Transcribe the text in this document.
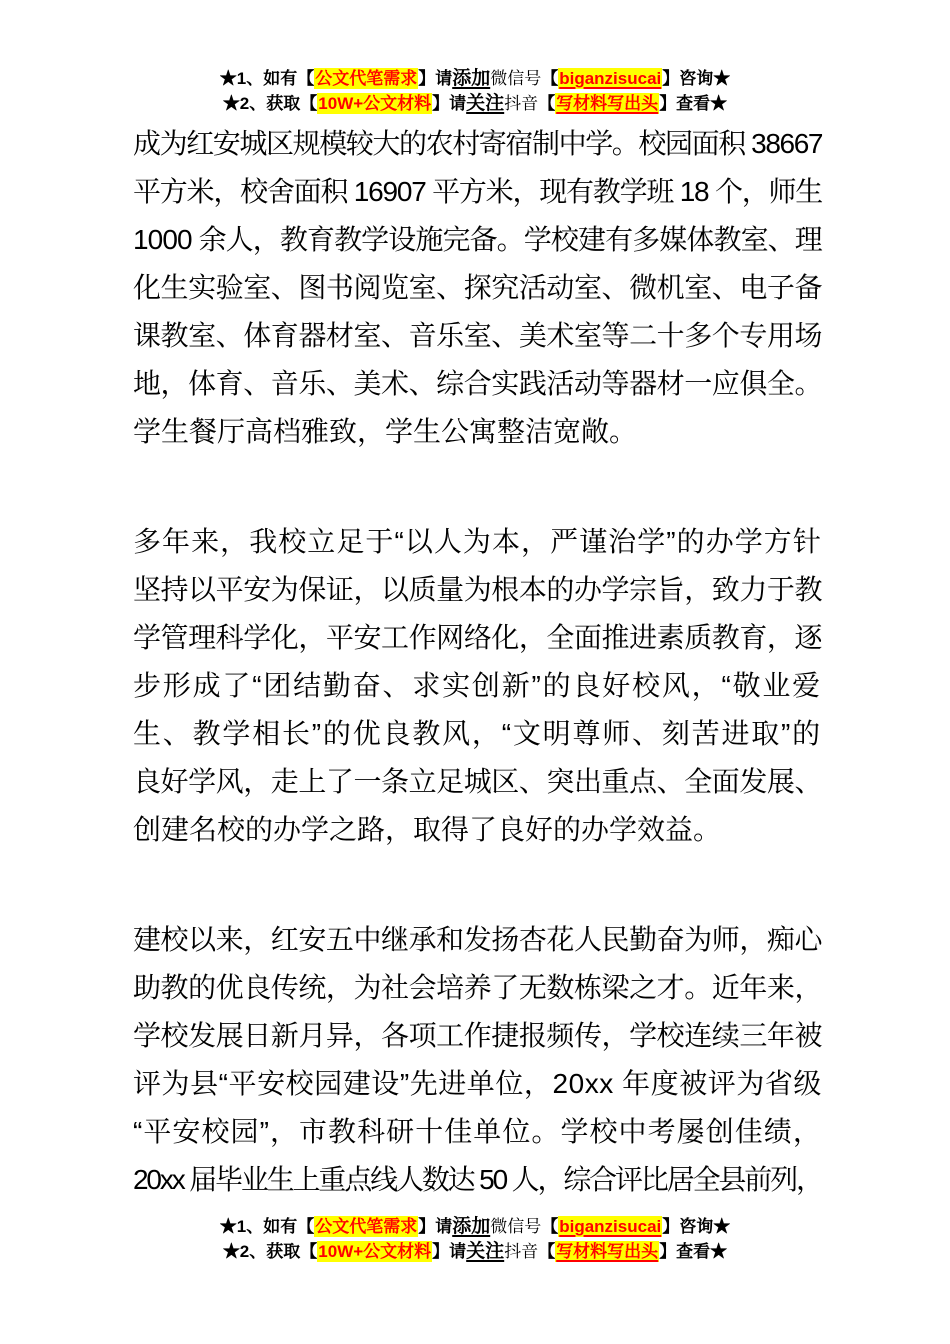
★1、如有【公文代笔需求】请添加微信号【biganzisucai】咨询★
★2、获取【10W+公文材料】请关注抖音【写材料写出头】查看★
成为红安城区规模较大的农村寄宿制中学。校园面积 38667
平方米，校舍面积 16907 平方米，现有教学班 18 个，师生
1000 余人，教育教学设施完备。学校建有多媒体教室、理
化生实验室、图书阅览室、探究活动室、微机室、电子备
课教室、体育器材室、音乐室、美术室等二十多个专用场
地，体育、音乐、美术、综合实践活动等器材一应俱全。
学生餐厅高档雅致，学生公寓整洁宽敞。
多年来，我校立足于“以人为本，严谨治学”的办学方针
坚持以平安为保证，以质量为根本的办学宗旨，致力于教
学管理科学化，平安工作网络化，全面推进素质教育，逐
步形成了“团结勤奋、求实创新”的良好校风，“敬业爱
生、教学相长”的优良教风，“文明尊师、刻苦进取”的
良好学风，走上了一条立足城区、突出重点、全面发展、
创建名校的办学之路，取得了良好的办学效益。
建校以来，红安五中继承和发扬杏花人民勤奋为师，痴心
助教的优良传统，为社会培养了无数栋梁之才。近年来，
学校发展日新月异，各项工作捷报频传，学校连续三年被
评为县“平安校园建设”先进单位，20xx 年度被评为省级
“平安校园”，市教科研十佳单位。学校中考屡创佳绩，
20xx 届毕业生上重点线人数达 50 人，综合评比居全县前列，
★1、如有【公文代笔需求】请添加微信号【biganzisucai】咨询★
★2、获取【10W+公文材料】请关注抖音【写材料写出头】查看★
